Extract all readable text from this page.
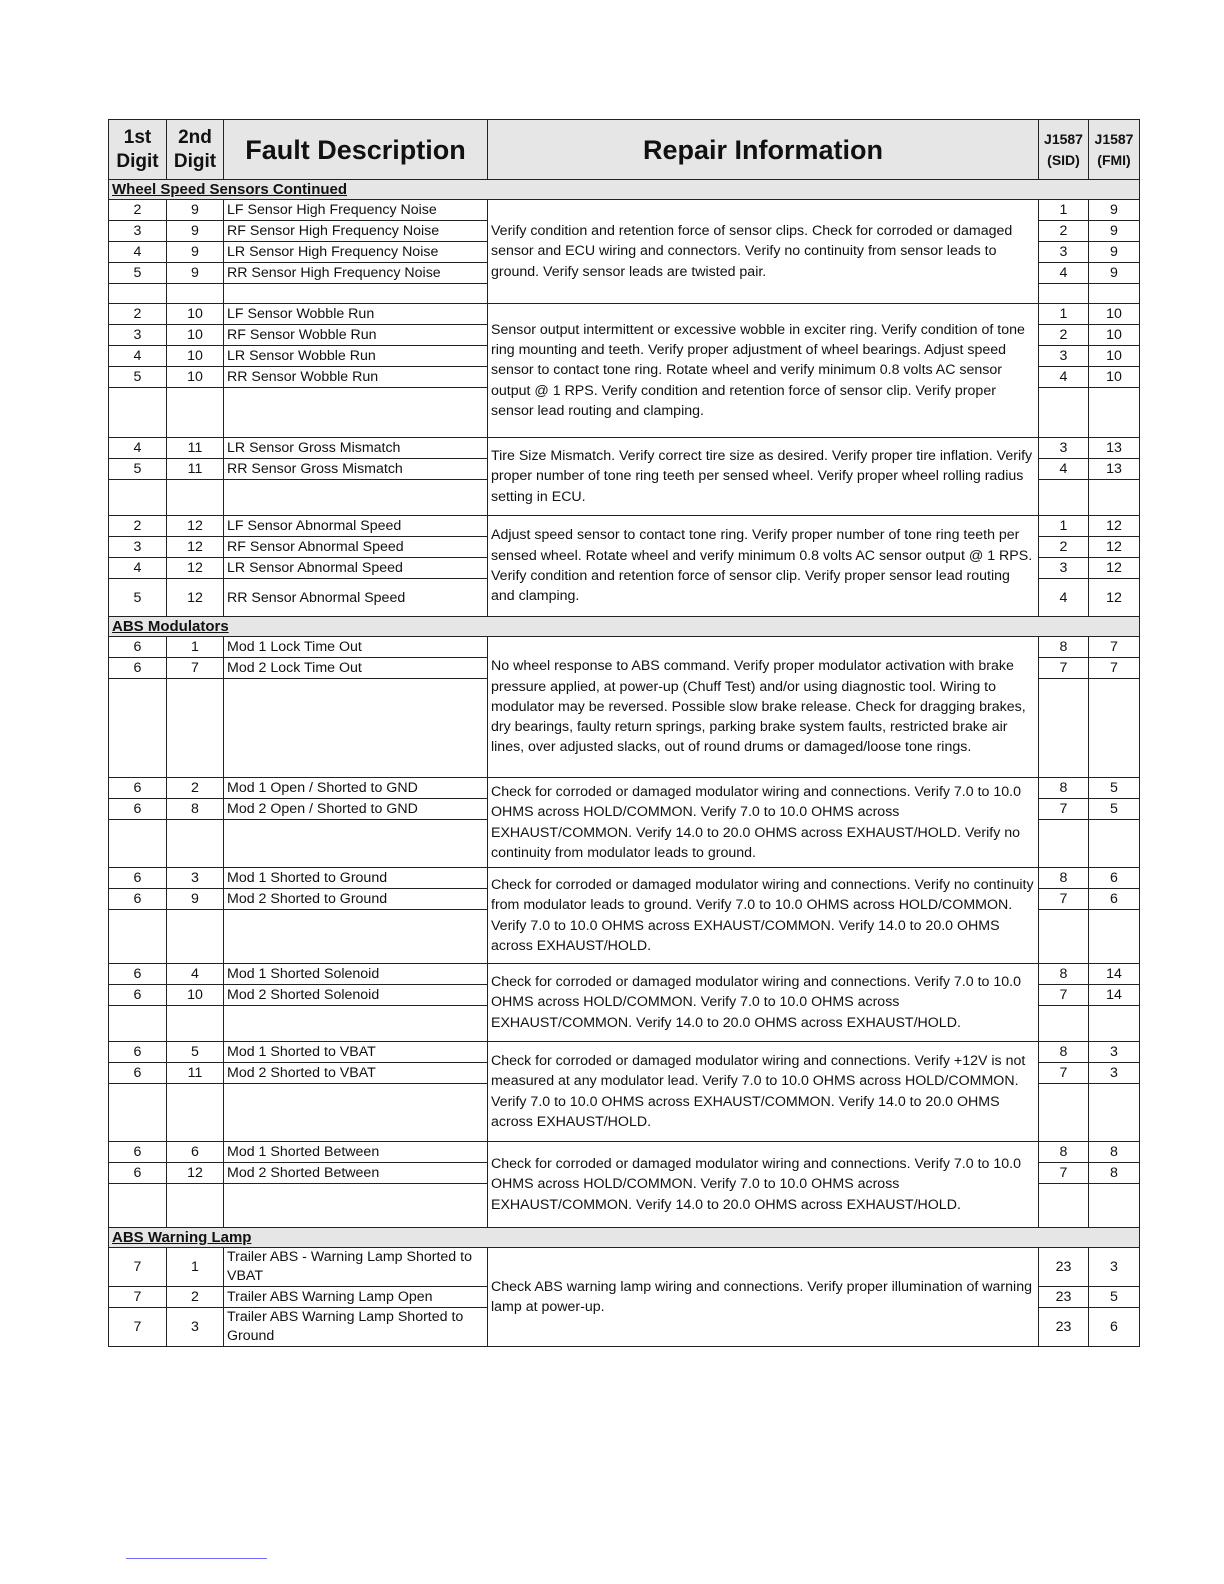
1st Digit	2nd Digit	Fault Description	Repair Information	J1587 (SID)	J1587 (FMI)
Wheel Speed Sensors Continued					
2	9	LF Sensor High Frequency Noise	Verify condition and retention force of sensor clips. Check for corroded or damaged sensor and ECU wiring and connectors. Verify no continuity from sensor leads to ground. Verify sensor leads are twisted pair.	1	9
3	9	RF Sensor High Frequency Noise		2	9
4	9	LR Sensor High Frequency Noise		3	9
5	9	RR Sensor High Frequency Noise		4	9

2	10	LF Sensor Wobble Run	Sensor output intermittent or excessive wobble in exciter ring. Verify condition of tone ring mounting and teeth. Verify proper adjustment of wheel bearings. Adjust speed sensor to contact tone ring. Rotate wheel and verify minimum 0.8 volts AC sensor output @ 1 RPS. Verify condition and retention force of sensor clip. Verify proper sensor lead routing and clamping.	1	10
3	10	RF Sensor Wobble Run		2	10
4	10	LR Sensor Wobble Run		3	10
5	10	RR Sensor Wobble Run		4	10

4	11	LR Sensor Gross Mismatch	Tire Size Mismatch. Verify correct tire size as desired. Verify proper tire inflation. Verify proper number of tone ring teeth per sensed wheel. Verify proper wheel rolling radius setting in ECU.	3	13
5	11	RR Sensor Gross Mismatch		4	13

2	12	LF Sensor Abnormal Speed	Adjust speed sensor to contact tone ring. Verify proper number of tone ring teeth per sensed wheel. Rotate wheel and verify minimum 0.8 volts AC sensor output @ 1 RPS. Verify condition and retention force of sensor clip. Verify proper sensor lead routing and clamping.	1	12
3	12	RF Sensor Abnormal Speed		2	12
4	12	LR Sensor Abnormal Speed		3	12
5	12	RR Sensor Abnormal Speed		4	12
ABS Modulators					
6	1	Mod 1 Lock Time Out	No wheel response to ABS command. Verify proper modulator activation with brake pressure applied, at power-up (Chuff Test) and/or using diagnostic tool. Wiring to modulator may be reversed. Possible slow brake release. Check for dragging brakes, dry bearings, faulty return springs, parking brake system faults, restricted brake air lines, over adjusted slacks, out of round drums or damaged/loose tone rings.	8	7
6	7	Mod 2 Lock Time Out		7	7

6	2	Mod 1 Open / Shorted to GND	Check for corroded or damaged modulator wiring and connections. Verify 7.0 to 10.0 OHMS across HOLD/COMMON. Verify 7.0 to 10.0 OHMS across EXHAUST/COMMON. Verify 14.0 to 20.0 OHMS across EXHAUST/HOLD. Verify no continuity from modulator leads to ground.	8	5
6	8	Mod 2 Open / Shorted to GND		7	5

6	3	Mod 1 Shorted to Ground	Check for corroded or damaged modulator wiring and connections. Verify no continuity from modulator leads to ground. Verify 7.0 to 10.0 OHMS across HOLD/COMMON. Verify 7.0 to 10.0 OHMS across EXHAUST/COMMON. Verify 14.0 to 20.0 OHMS across EXHAUST/HOLD.	8	6
6	9	Mod 2 Shorted to Ground		7	6

6	4	Mod 1 Shorted Solenoid	Check for corroded or damaged modulator wiring and connections. Verify 7.0 to 10.0 OHMS across HOLD/COMMON. Verify 7.0 to 10.0 OHMS across EXHAUST/COMMON. Verify 14.0 to 20.0 OHMS across EXHAUST/HOLD.	8	14
6	10	Mod 2 Shorted Solenoid		7	14

6	5	Mod 1 Shorted to VBAT	Check for corroded or damaged modulator wiring and connections. Verify +12V is not measured at any modulator lead. Verify 7.0 to 10.0 OHMS across HOLD/COMMON. Verify 7.0 to 10.0 OHMS across EXHAUST/COMMON. Verify 14.0 to 20.0 OHMS across EXHAUST/HOLD.	8	3
6	11	Mod 2 Shorted to VBAT		7	3

6	6	Mod 1 Shorted Between	Check for corroded or damaged modulator wiring and connections. Verify 7.0 to 10.0 OHMS across HOLD/COMMON. Verify 7.0 to 10.0 OHMS across EXHAUST/COMMON. Verify 14.0 to 20.0 OHMS across EXHAUST/HOLD.	8	8
6	12	Mod 2 Shorted Between		7	8

ABS Warning Lamp					
7	1	Trailer ABS - Warning Lamp Shorted to VBAT	Check ABS warning lamp wiring and connections. Verify proper illumination of warning lamp at power-up.	23	3
7	2	Trailer ABS Warning Lamp Open		23	5
7	3	Trailer ABS Warning Lamp Shorted to Ground		23	6
